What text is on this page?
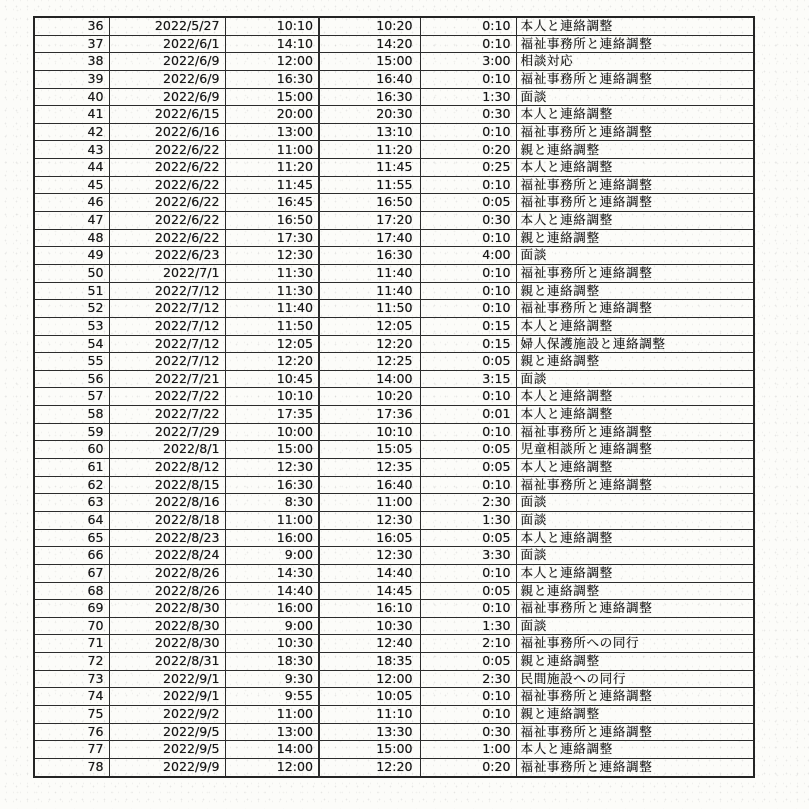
36	2022/5/27	10:10	10:20	0:10	本人と連絡調整
37	2022/6/1	14:10	14:20	0:10	福祉事務所と連絡調整
38	2022/6/9	12:00	15:00	3:00	相談対応
39	2022/6/9	16:30	16:40	0:10	福祉事務所と連絡調整
40	2022/6/9	15:00	16:30	1:30	面談
41	2022/6/15	20:00	20:30	0:30	本人と連絡調整
42	2022/6/16	13:00	13:10	0:10	福祉事務所と連絡調整
43	2022/6/22	11:00	11:20	0:20	親と連絡調整
44	2022/6/22	11:20	11:45	0:25	本人と連絡調整
45	2022/6/22	11:45	11:55	0:10	福祉事務所と連絡調整
46	2022/6/22	16:45	16:50	0:05	福祉事務所と連絡調整
47	2022/6/22	16:50	17:20	0:30	本人と連絡調整
48	2022/6/22	17:30	17:40	0:10	親と連絡調整
49	2022/6/23	12:30	16:30	4:00	面談
50	2022/7/1	11:30	11:40	0:10	福祉事務所と連絡調整
51	2022/7/12	11:30	11:40	0:10	親と連絡調整
52	2022/7/12	11:40	11:50	0:10	福祉事務所と連絡調整
53	2022/7/12	11:50	12:05	0:15	本人と連絡調整
54	2022/7/12	12:05	12:20	0:15	婦人保護施設と連絡調整
55	2022/7/12	12:20	12:25	0:05	親と連絡調整
56	2022/7/21	10:45	14:00	3:15	面談
57	2022/7/22	10:10	10:20	0:10	本人と連絡調整
58	2022/7/22	17:35	17:36	0:01	本人と連絡調整
59	2022/7/29	10:00	10:10	0:10	福祉事務所と連絡調整
60	2022/8/1	15:00	15:05	0:05	児童相談所と連絡調整
61	2022/8/12	12:30	12:35	0:05	本人と連絡調整
62	2022/8/15	16:30	16:40	0:10	福祉事務所と連絡調整
63	2022/8/16	8:30	11:00	2:30	面談
64	2022/8/18	11:00	12:30	1:30	面談
65	2022/8/23	16:00	16:05	0:05	本人と連絡調整
66	2022/8/24	9:00	12:30	3:30	面談
67	2022/8/26	14:30	14:40	0:10	本人と連絡調整
68	2022/8/26	14:40	14:45	0:05	親と連絡調整
69	2022/8/30	16:00	16:10	0:10	福祉事務所と連絡調整
70	2022/8/30	9:00	10:30	1:30	面談
71	2022/8/30	10:30	12:40	2:10	福祉事務所への同行
72	2022/8/31	18:30	18:35	0:05	親と連絡調整
73	2022/9/1	9:30	12:00	2:30	民間施設への同行
74	2022/9/1	9:55	10:05	0:10	福祉事務所と連絡調整
75	2022/9/2	11:00	11:10	0:10	親と連絡調整
76	2022/9/5	13:00	13:30	0:30	福祉事務所と連絡調整
77	2022/9/5	14:00	15:00	1:00	本人と連絡調整
78	2022/9/9	12:00	12:20	0:20	福祉事務所と連絡調整
